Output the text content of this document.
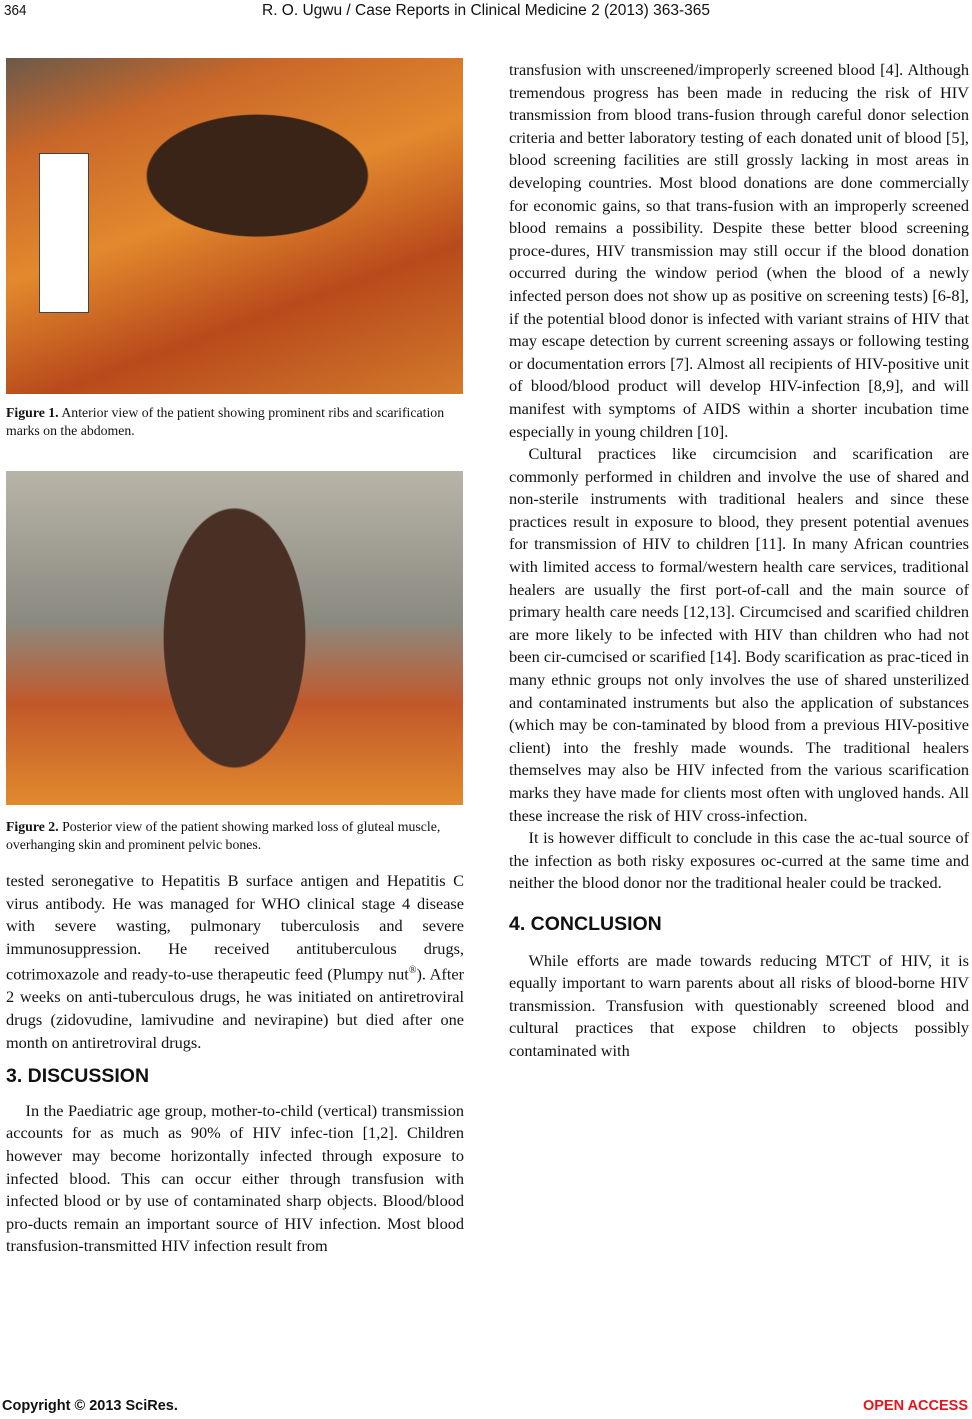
364	R. O. Ugwu / Case Reports in Clinical Medicine 2 (2013) 363-365
Figure 1. Anterior view of the patient showing prominent ribs and scarification marks on the abdomen.
Figure 2. Posterior view of the patient showing marked loss of gluteal muscle, overhanging skin and prominent pelvic bones.

tested seronegative to Hepatitis B surface antigen and Hepatitis C virus antibody. He was managed for WHO clinical stage 4 disease with severe wasting, pulmonary tuberculosis and severe immunosuppression. He received antituberculous drugs, cotrimoxazole and ready-to-use therapeutic feed (Plumpy nut®). After 2 weeks on anti-tuberculous drugs, he was initiated on antiretroviral drugs (zidovudine, lamivudine and nevirapine) but died after one month on antiretroviral drugs.

3. DISCUSSION

In the Paediatric age group, mother-to-child (vertical) transmission accounts for as much as 90% of HIV infec-tion [1,2]. Children however may become horizontally infected through exposure to infected blood. This can occur either through transfusion with infected blood or by use of contaminated sharp objects. Blood/blood pro-ducts remain an important source of HIV infection. Most blood transfusion-transmitted HIV infection result from

transfusion with unscreened/improperly screened blood [4]. Although tremendous progress has been made in reducing the risk of HIV transmission from blood trans-fusion through careful donor selection criteria and better laboratory testing of each donated unit of blood [5], blood screening facilities are still grossly lacking in most areas in developing countries. Most blood donations are done commercially for economic gains, so that trans-fusion with an improperly screened blood remains a possibility. Despite these better blood screening proce-dures, HIV transmission may still occur if the blood donation occurred during the window period (when the blood of a newly infected person does not show up as positive on screening tests) [6-8], if the potential blood donor is infected with variant strains of HIV that may escape detection by current screening assays or following testing or documentation errors [7]. Almost all recipients of HIV-positive unit of blood/blood product will develop HIV-infection [8,9], and will manifest with symptoms of AIDS within a shorter incubation time especially in young children [10].

Cultural practices like circumcision and scarification are commonly performed in children and involve the use of shared and non-sterile instruments with traditional healers and since these practices result in exposure to blood, they present potential avenues for transmission of HIV to children [11]. In many African countries with limited access to formal/western health care services, traditional healers are usually the first port-of-call and the main source of primary health care needs [12,13]. Circumcised and scarified children are more likely to be infected with HIV than children who had not been cir-cumcised or scarified [14]. Body scarification as prac-ticed in many ethnic groups not only involves the use of shared unsterilized and contaminated instruments but also the application of substances (which may be con-taminated by blood from a previous HIV-positive client) into the freshly made wounds. The traditional healers themselves may also be HIV infected from the various scarification marks they have made for clients most often with ungloved hands. All these increase the risk of HIV cross-infection.

It is however difficult to conclude in this case the ac-tual source of the infection as both risky exposures oc-curred at the same time and neither the blood donor nor the traditional healer could be tracked.

4. CONCLUSION

While efforts are made towards reducing MTCT of HIV, it is equally important to warn parents about all risks of blood-borne HIV transmission. Transfusion with questionably screened blood and cultural practices that expose children to objects possibly contaminated with

Copyright © 2013 SciRes.	OPEN ACCESS
